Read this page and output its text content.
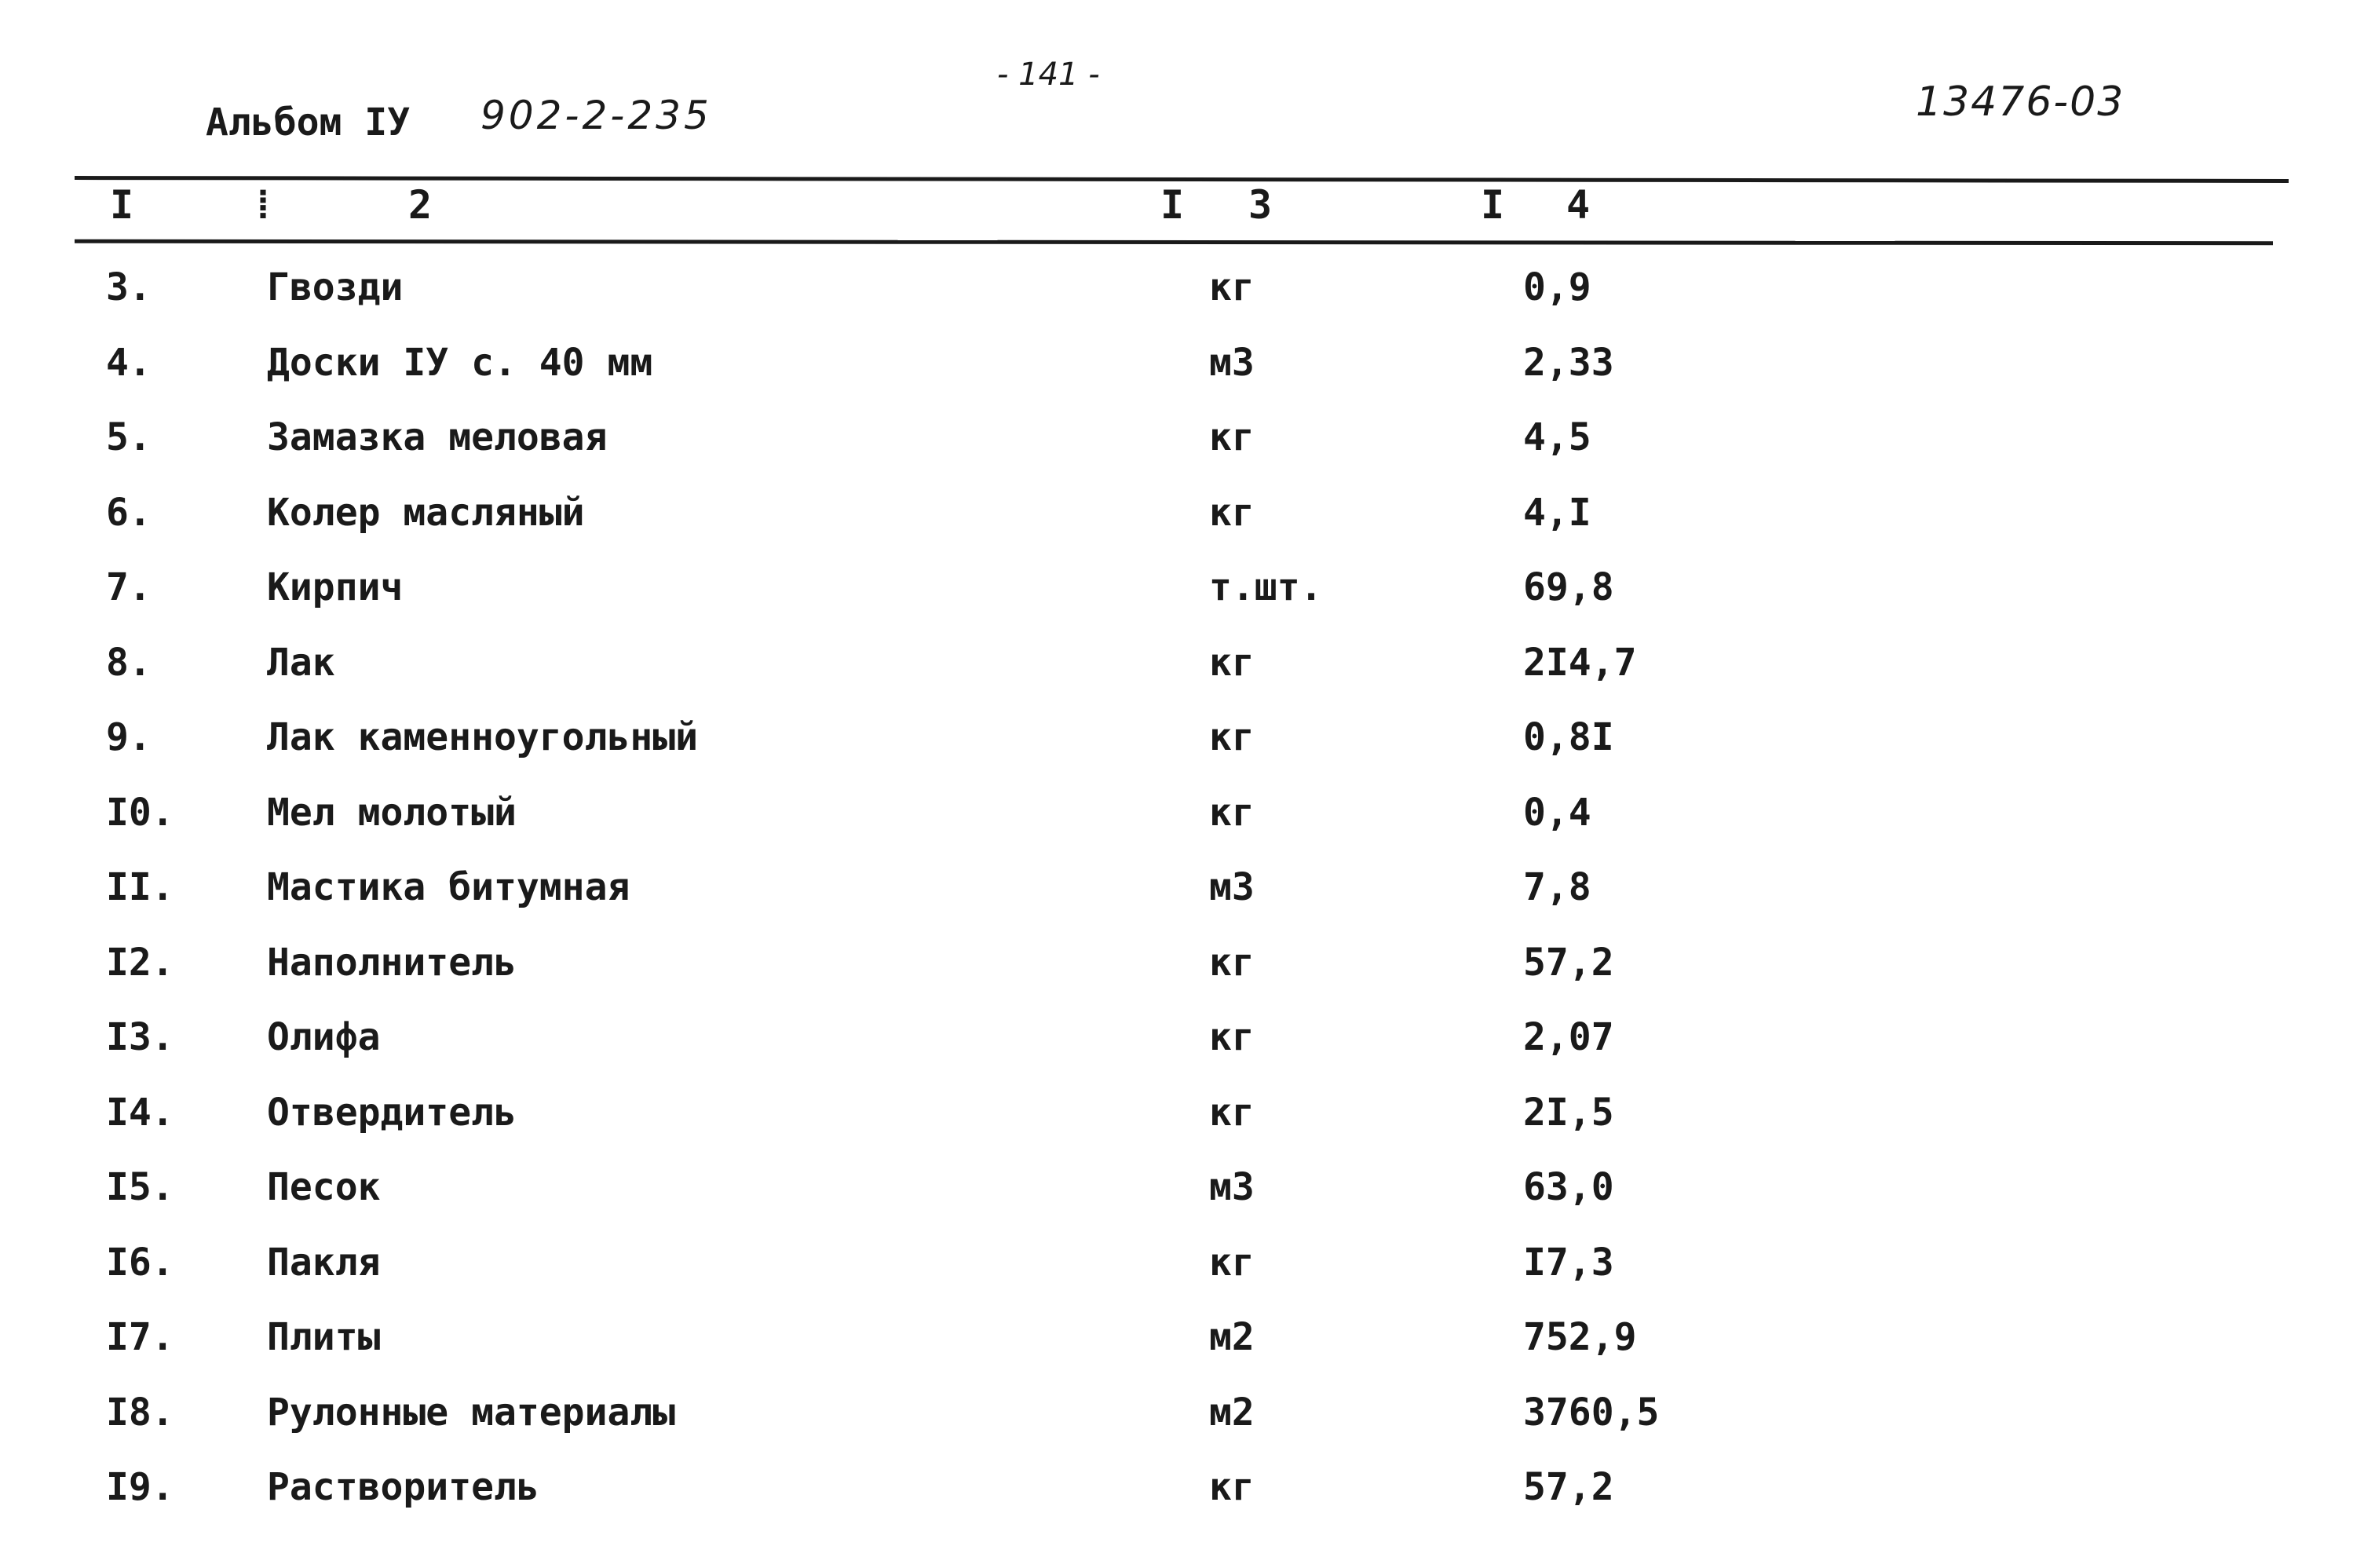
Альбом IУ 902-2-235
- 141 -
13476-03
I	⁞	2	I 3	I 4
3.	Гвозди	кг	0,9
4.	Доски IУ с. 40 мм	м3	2,33
5.	Замазка меловая	кг	4,5
6.	Колер масляный	кг	4,I
7.	Кирпич	т.шт.	69,8
8.	Лак	кг	2I4,7
9.	Лак каменноугольный	кг	0,8I
I0. Мел молотый	кг	0,4
II. Мастика битумная	м3	7,8
I2. Наполнитель	кг	57,2
I3. Олифа	кг	2,07
I4. Отвердитель	кг	2I,5
I5. Песок	м3	63,0
I6. Пакля	кг	I7,3
I7. Плиты	м2	752,9
I8. Рулонные материалы	м2	3760,5
I9. Растворитель	кг	57,2
